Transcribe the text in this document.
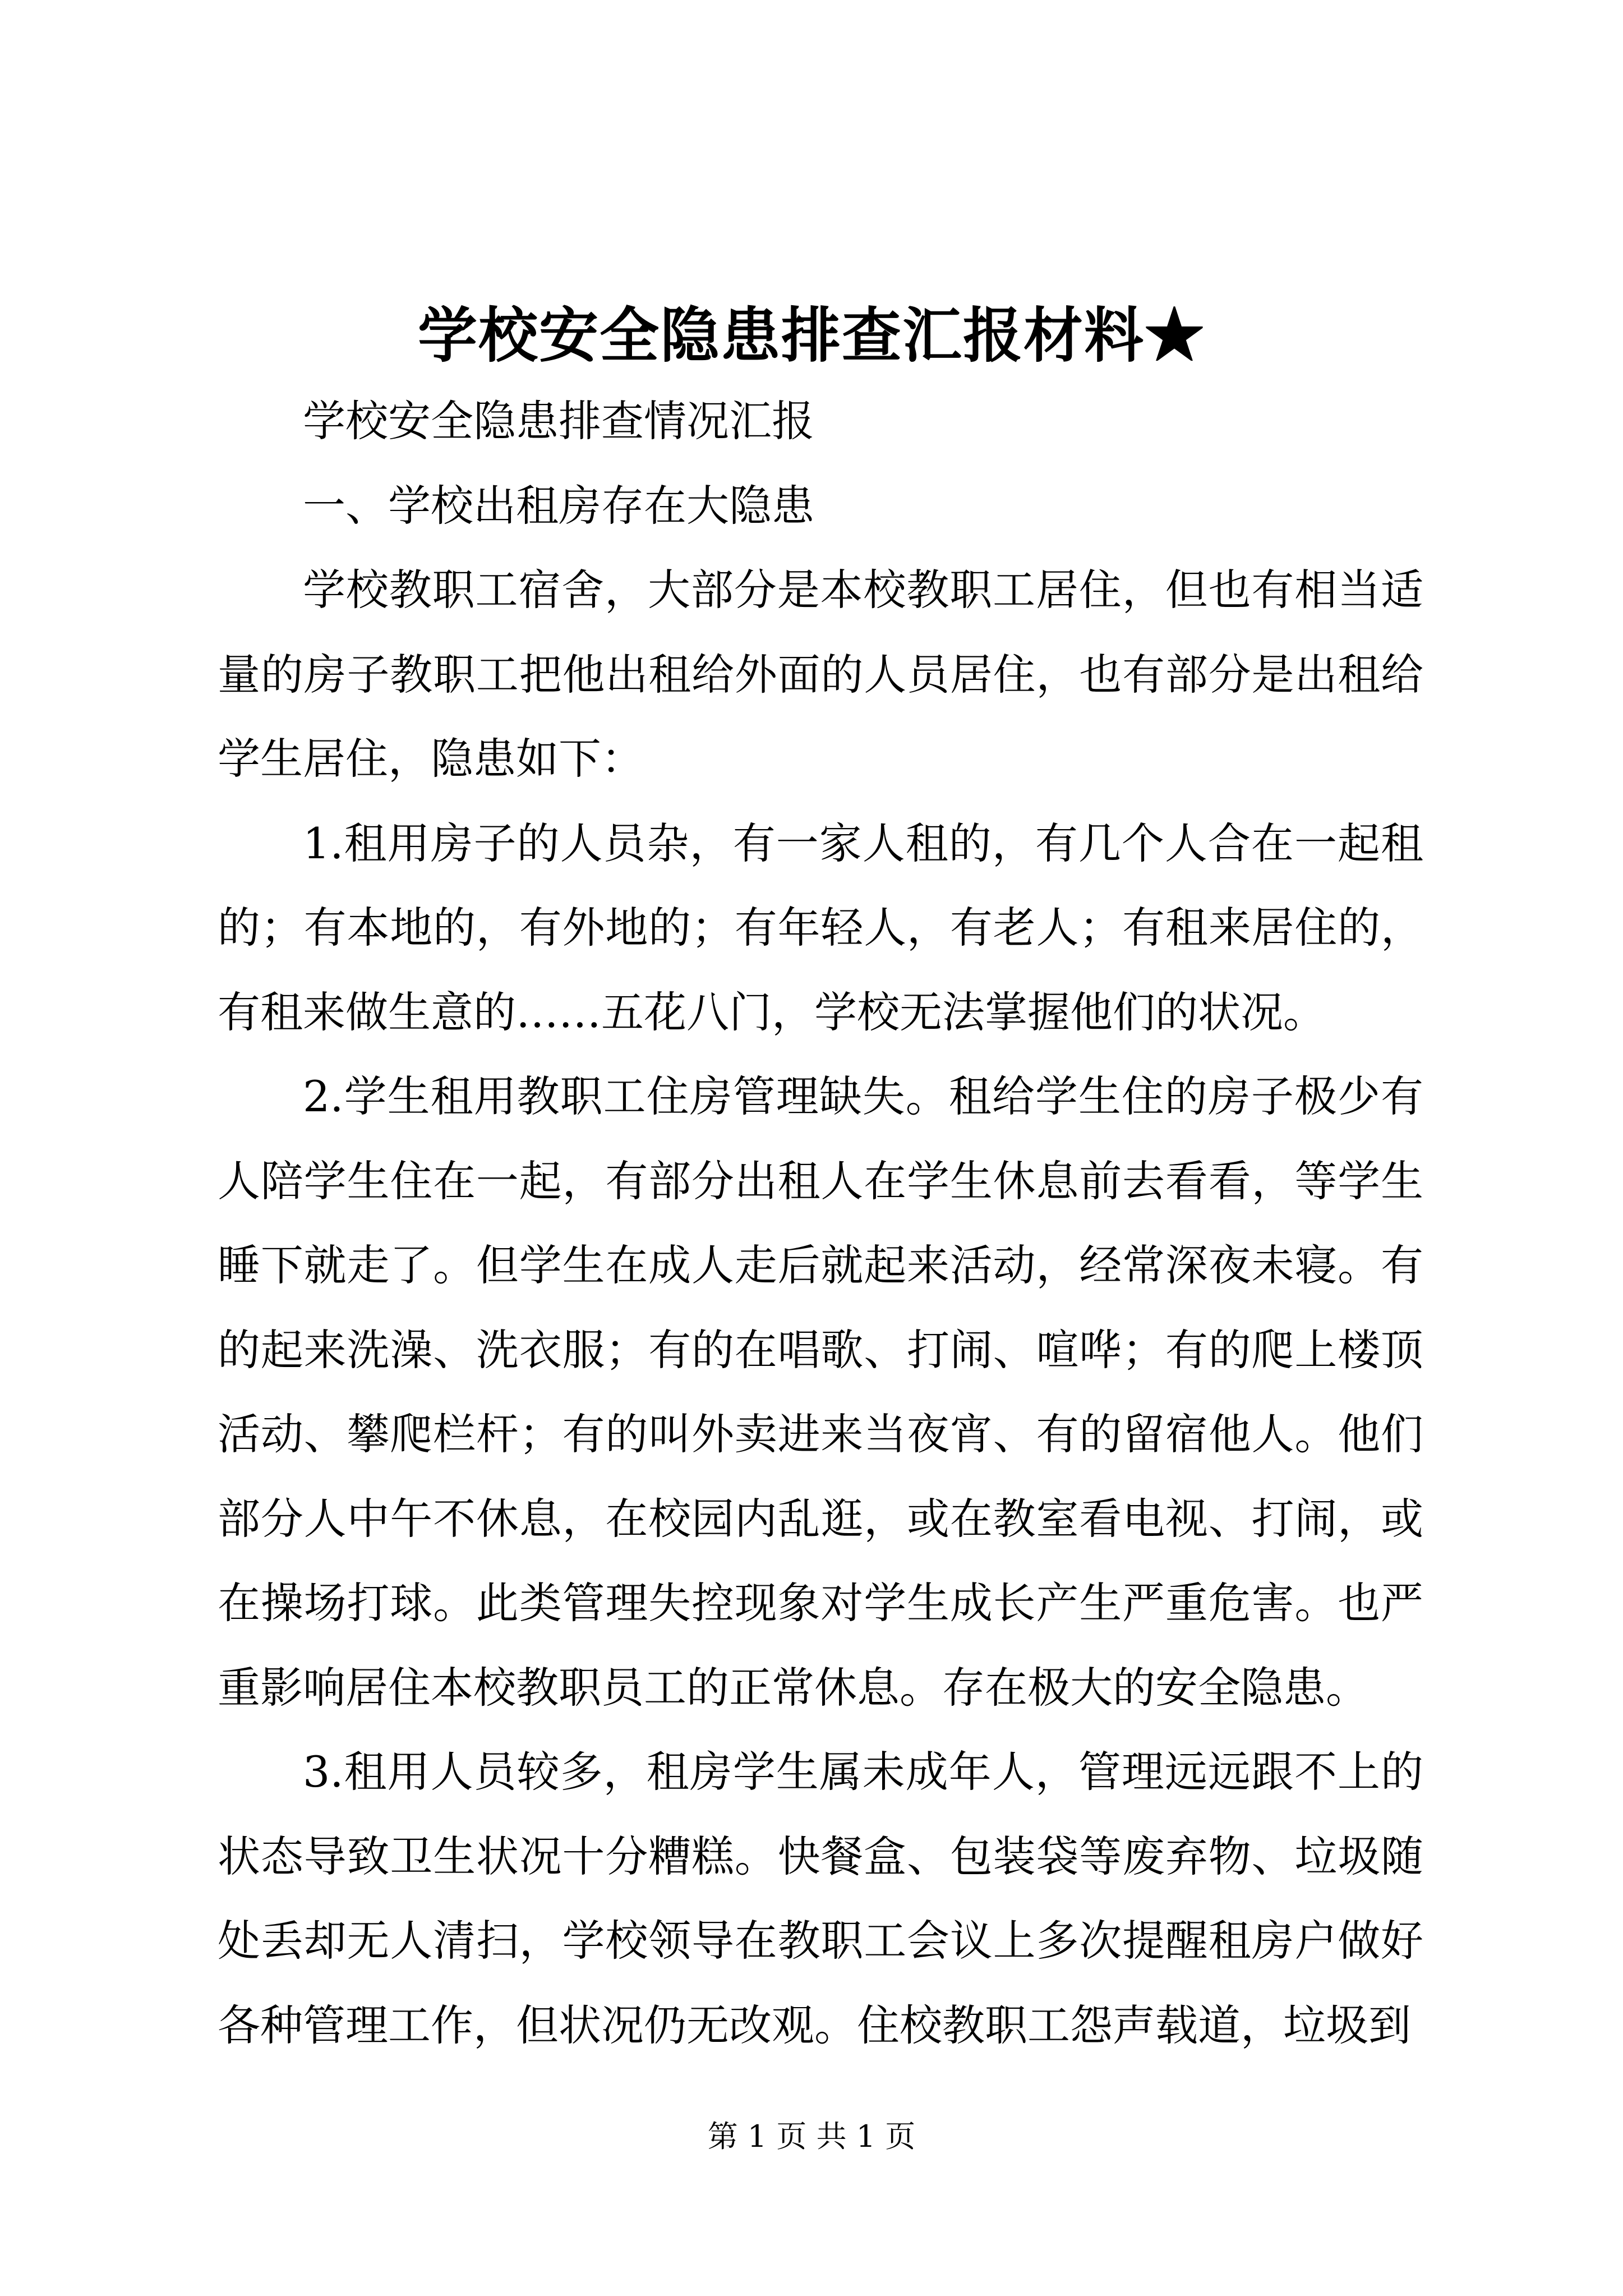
学校安全隐患排查汇报材料★

学校安全隐患排查情况汇报

一、学校出租房存在大隐患

学校教职工宿舍，大部分是本校教职工居住，但也有相当适量的房子教职工把他出租给外面的人员居住，也有部分是出租给学生居住，隐患如下：

1.租用房子的人员杂，有一家人租的，有几个人合在一起租的；有本地的，有外地的；有年轻人，有老人；有租来居住的，有租来做生意的……五花八门，学校无法掌握他们的状况。

2.学生租用教职工住房管理缺失。租给学生住的房子极少有人陪学生住在一起，有部分出租人在学生休息前去看看，等学生睡下就走了。但学生在成人走后就起来活动，经常深夜未寝。有的起来洗澡、洗衣服；有的在唱歌、打闹、喧哗；有的爬上楼顶活动、攀爬栏杆；有的叫外卖进来当夜宵、有的留宿他人。他们部分人中午不休息，在校园内乱逛，或在教室看电视、打闹，或在操场打球。此类管理失控现象对学生成长产生严重危害。也严重影响居住本校教职员工的正常休息。存在极大的安全隐患。

3.租用人员较多，租房学生属未成年人，管理远远跟不上的状态导致卫生状况十分糟糕。快餐盒、包装袋等废弃物、垃圾随处丢却无人清扫，学校领导在教职工会议上多次提醒租房户做好各种管理工作，但状况仍无改观。住校教职工怨声载道，垃圾到

第 1 页 共 1 页
